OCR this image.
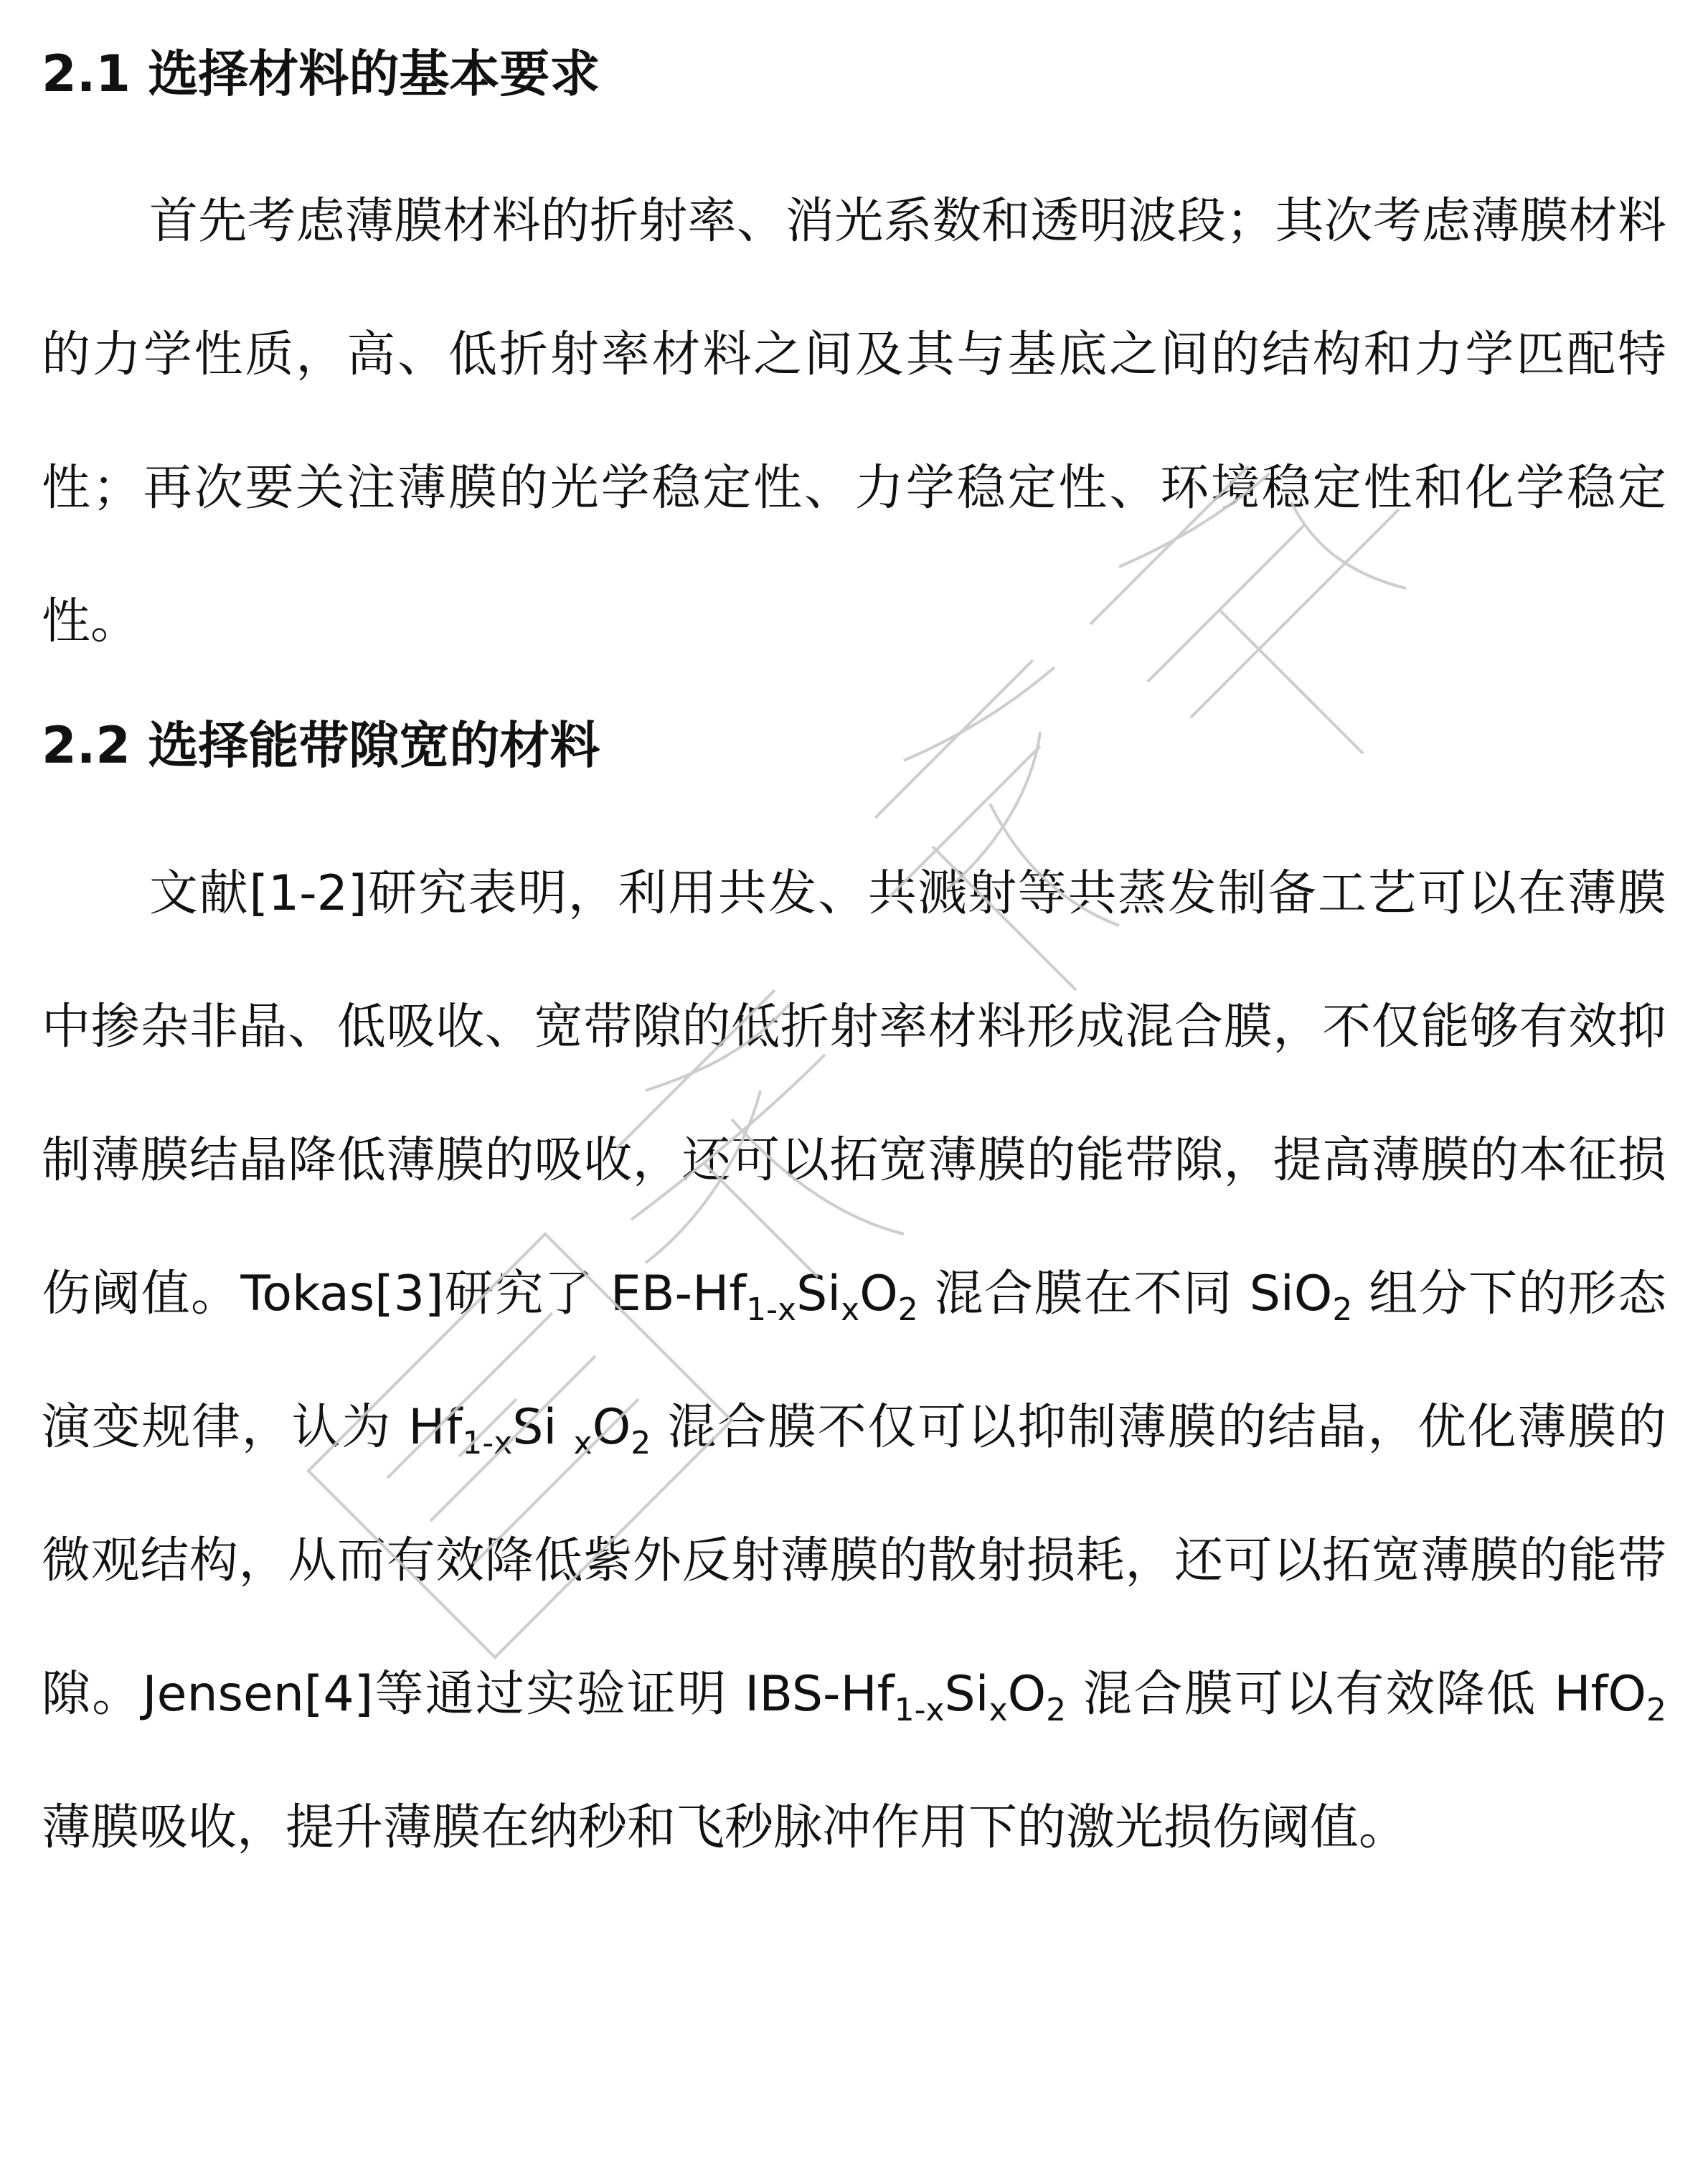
2.1 选择材料的基本要求

首先考虑薄膜材料的折射率、消光系数和透明波段；其次考虑薄膜材料的力学性质，高、低折射率材料之间及其与基底之间的结构和力学匹配特性；再次要关注薄膜的光学稳定性、力学稳定性、环境稳定性和化学稳定性。

2.2 选择能带隙宽的材料

文献[1-2]研究表明，利用共发、共溅射等共蒸发制备工艺可以在薄膜中掺杂非晶、低吸收、宽带隙的低折射率材料形成混合膜，不仅能够有效抑制薄膜结晶降低薄膜的吸收，还可以拓宽薄膜的能带隙，提高薄膜的本征损伤阈值。Tokas[3]研究了 $EB-Hf_{1-x}Si_xO_2$ 混合膜在不同 SiO$_2$ 组分下的形态演变规律，认为 $Hf_{1-x}Si$ $_xO_2$ 混合膜不仅可以抑制薄膜的结晶，优化薄膜的微观结构，从而有效降低紫外反射薄膜的散射损耗，还可以拓宽薄膜的能带隙。Jensen[4]等通过实验证明 IBS-$Hf_{1-x}Si_xO_2$ 混合膜可以有效降低 HfO$_2$ 薄膜吸收，提升薄膜在纳秒和飞秒脉冲作用下的激光损伤阈值。
